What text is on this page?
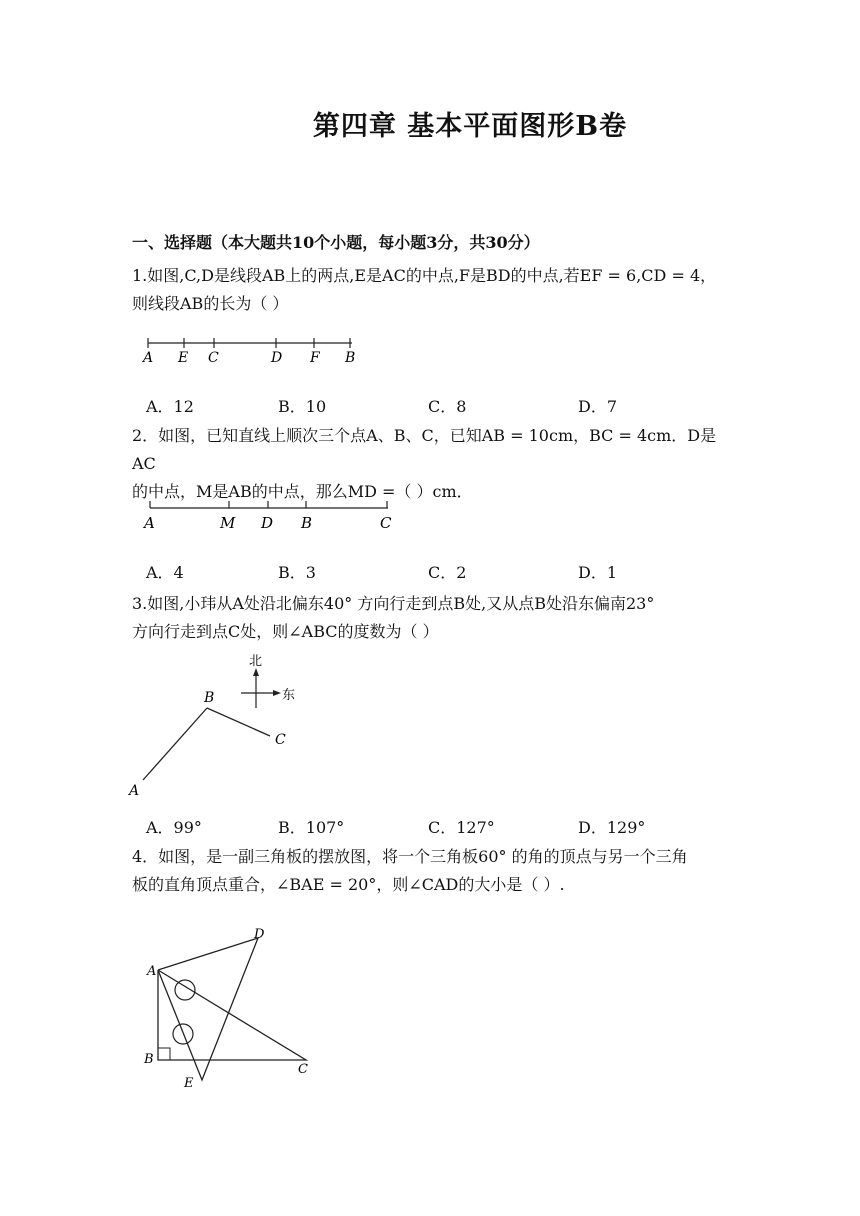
第四章 基本平面图形B卷
一、选择题（本大题共10个小题，每小题3分，共30分）
1.如图,C,D是线段AB上的两点,E是AC的中点,F是BD的中点,若EF = 6,CD = 4，
则线段AB的长为（ ）
A E C	D F B
A．12	B．10	C．8	D．7
2．如图，已知直线上顺次三个点A、B、C，已知AB = 10cm，BC = 4cm．D是AC
的中点，M是AB的中点，那么MD =（ ）cm．
A	M D B	C
A．4	B．3	C．2	D．1
3.如图,小玮从A处沿北偏东40° 方向行走到点B处,又从点B处沿东偏南23°
方向行走到点C处，则∠ABC的度数为（ ）
北
东
B
C
A
A．99°	B．107°	C．127°	D．129°
4．如图，是一副三角板的摆放图，将一个三角板60° 的角的顶点与另一个三角
板的直角顶点重合，∠BAE = 20°，则∠CAD的大小是（ ）.
D
A
B
E
C
